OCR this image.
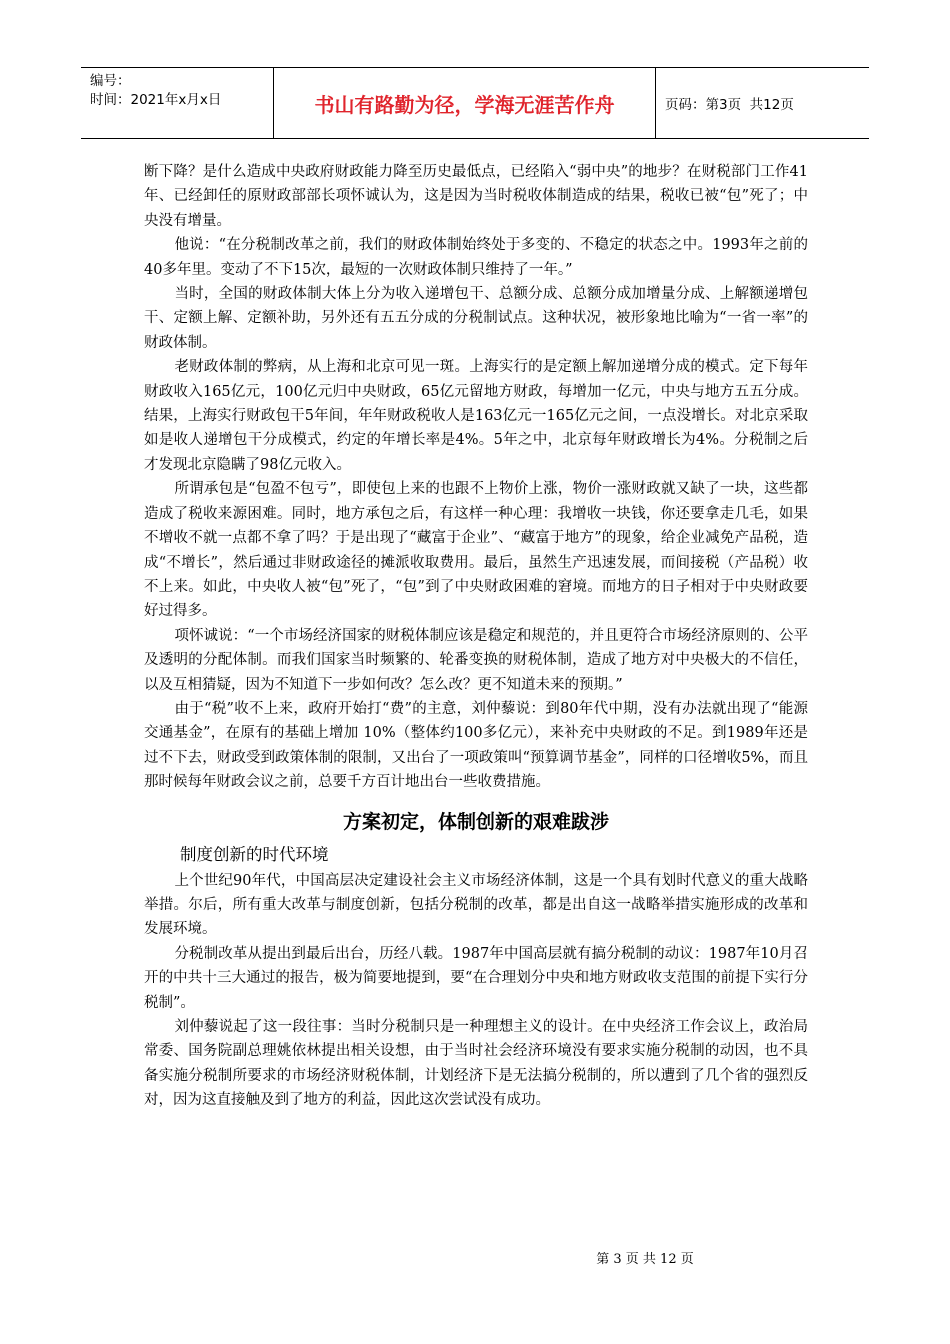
编号：
时间：2021年x月x日	书山有路勤为径，学海无涯苦作舟	页码：第3页  共12页

断下降？是什么造成中央政府财政能力降至历史最低点，已经陷入“弱中央”的地步？在财税部门工作41年、已经卸任的原财政部部长项怀诚认为，这是因为当时税收体制造成的结果，税收已被“包”死了；中央没有增量。

他说：“在分税制改革之前，我们的财政体制始终处于多变的、不稳定的状态之中。1993年之前的40多年里。变动了不下15次，最短的一次财政体制只维持了一年。”

当时，全国的财政体制大体上分为收入递增包干、总额分成、总额分成加增量分成、上解额递增包干、定额上解、定额补助，另外还有五五分成的分税制试点。这种状况，被形象地比喻为“一省一率”的财政体制。

老财政体制的弊病，从上海和北京可见一斑。上海实行的是定额上解加递增分成的模式。定下每年财政收入165亿元，100亿元归中央财政，65亿元留地方财政，每增加一亿元，中央与地方五五分成。结果，上海实行财政包干5年间，年年财政税收人是163亿元一165亿元之间，一点没增长。对北京采取如是收人递增包干分成模式，约定的年增长率是4%。5年之中，北京每年财政增长为4%。分税制之后才发现北京隐瞒了98亿元收入。

所谓承包是“包盈不包亏”，即使包上来的也跟不上物价上涨，物价一涨财政就又缺了一块，这些都造成了税收来源困难。同时，地方承包之后，有这样一种心理：我增收一块钱，你还要拿走几毛，如果不增收不就一点都不拿了吗？于是出现了“藏富于企业”、“藏富于地方”的现象，给企业减免产品税，造成“不增长”，然后通过非财政途径的摊派收取费用。最后，虽然生产迅速发展，而间接税（产品税）收不上来。如此，中央收人被“包”死了，“包”到了中央财政困难的窘境。而地方的日子相对于中央财政要好过得多。

项怀诚说：“一个市场经济国家的财税体制应该是稳定和规范的，并且更符合市场经济原则的、公平及透明的分配体制。而我们国家当时频繁的、轮番变换的财税体制，造成了地方对中央极大的不信任，以及互相猜疑，因为不知道下一步如何改？怎么改？更不知道未来的预期。”

由于“税”收不上来，政府开始打“费”的主意，刘仲藜说：到80年代中期，没有办法就出现了“能源交通基金”，在原有的基础上增加 10%（整体约100多亿元），来补充中央财政的不足。到1989年还是过不下去，财政受到政策体制的限制，又出台了一项政策叫“预算调节基金”，同样的口径增收5%，而且那时候每年财政会议之前，总要千方百计地出台一些收费措施。

方案初定，体制创新的艰难跋涉
制度创新的时代环境

上个世纪90年代，中国高层决定建设社会主义市场经济体制，这是一个具有划时代意义的重大战略举措。尔后，所有重大改革与制度创新，包括分税制的改革，都是出自这一战略举措实施形成的改革和发展环境。

分税制改革从提出到最后出台，历经八载。1987年中国高层就有搞分税制的动议：1987年10月召开的中共十三大通过的报告，极为简要地提到，要“在合理划分中央和地方财政收支范围的前提下实行分税制”。

刘仲藜说起了这一段往事：当时分税制只是一种理想主义的设计。在中央经济工作会议上，政治局常委、国务院副总理姚依林提出相关设想，由于当时社会经济环境没有要求实施分税制的动因，也不具备实施分税制所要求的市场经济财税体制，计划经济下是无法搞分税制的，所以遭到了几个省的强烈反对，因为这直接触及到了地方的利益，因此这次尝试没有成功。

第 3 页 共 12 页
